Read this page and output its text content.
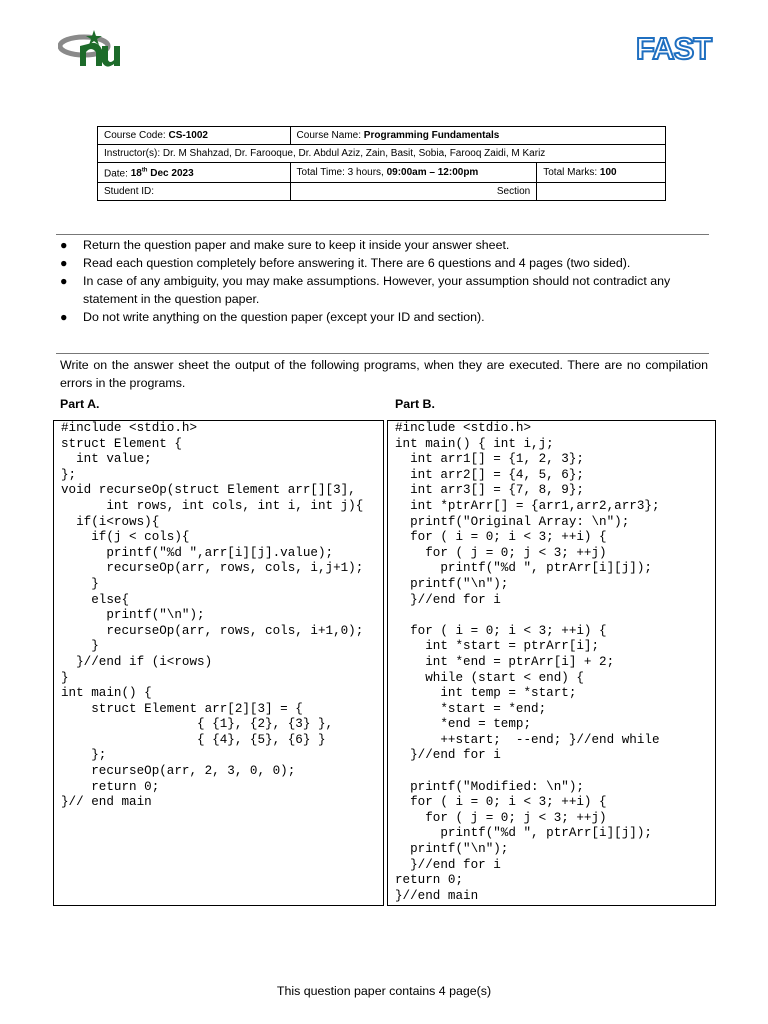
FAST
Course Code: CS-1002	Course Name: Programming Fundamentals	
Instructor(s): Dr. M Shahzad, Dr. Farooque, Dr. Abdul Aziz, Zain, Basit, Sobia, Farooq Zaidi, M Kariz		
Date: 18th Dec 2023	Total Time: 3 hours, 09:00am – 12:00pm	Total Marks: 100
Student ID:	Section	
● Return the question paper and make sure to keep it inside your answer sheet.
● Read each question completely before answering it. There are 6 questions and 4 pages (two sided).
● In case of any ambiguity, you may make assumptions. However, your assumption should not contradict any statement in the question paper.
● Do not write anything on the question paper (except your ID and section).
Write on the answer sheet the output of the following programs, when they are executed. There are no compilation errors in the programs.
Part A.	Part B.
#include <stdio.h>
struct Element {
int value;
};
void recurseOp(struct Element arr[][3],
int rows, int cols, int i, int j){
if(i<rows){
if(j < cols){
printf("%d ",arr[i][j].value);
recurseOp(arr, rows, cols, i,j+1);
}
else{
printf("\n");
recurseOp(arr, rows, cols, i+1,0);
}
}//end if (i<rows)
}
int main() {
struct Element arr[2][3] = {
{ {1}, {2}, {3} },
{ {4}, {5}, {6} }
};
recurseOp(arr, 2, 3, 0, 0);
return 0;
}// end main
#include <stdio.h>
int main() { int i,j;
int arr1[] = {1, 2, 3};
int arr2[] = {4, 5, 6};
int arr3[] = {7, 8, 9};
int *ptrArr[] = {arr1,arr2,arr3};
printf("Original Array: \n");
for ( i = 0; i < 3; ++i) {
for ( j = 0; j < 3; ++j)
printf("%d ", ptrArr[i][j]);
printf("\n");
}//end for i
for ( i = 0; i < 3; ++i) {
int *start = ptrArr[i];
int *end = ptrArr[i] + 2;
while (start < end) {
int temp = *start;
*start = *end;
*end = temp;
++start;  --end; }//end while
}//end for i
printf("Modified: \n");
for ( i = 0; i < 3; ++i) {
for ( j = 0; j < 3; ++j)
printf("%d ", ptrArr[i][j]);
printf("\n");
}//end for i
return 0;
}//end main
This question paper contains 4 page(s)
